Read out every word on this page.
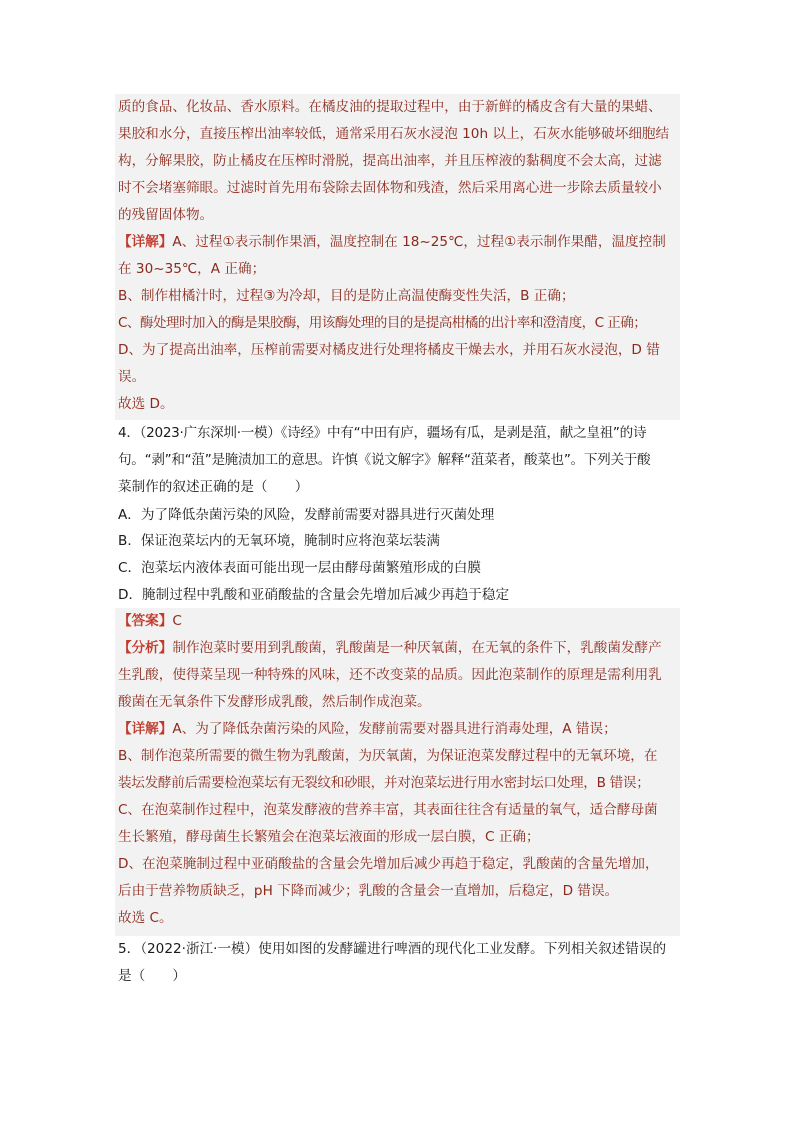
质的食品、化妆品、香水原料。在橘皮油的提取过程中，由于新鲜的橘皮含有大量的果蜡、
果胶和水分，直接压榨出油率较低，通常采用石灰水浸泡 10h 以上，石灰水能够破坏细胞结
构，分解果胶，防止橘皮在压榨时滑脱，提高出油率，并且压榨液的黏稠度不会太高，过滤
时不会堵塞筛眼。过滤时首先用布袋除去固体物和残渣，然后采用离心进一步除去质量较小
的残留固体物。
【详解】A、过程①表示制作果酒，温度控制在 18~25℃，过程①表示制作果醋，温度控制
在 30~35℃，A 正确；
B、制作柑橘汁时，过程③为冷却，目的是防止高温使酶变性失活，B 正确；
C、酶处理时加入的酶是果胶酶，用该酶处理的目的是提高柑橘的出汁率和澄清度，C 正确；
D、为了提高出油率，压榨前需要对橘皮进行处理将橘皮干燥去水，并用石灰水浸泡，D 错
误。
故选 D。
4．（2023·广东深圳·一模）《诗经》中有“中田有庐，疆场有瓜，是剥是菹，献之皇祖”的诗
句。“剥”和“菹”是腌渍加工的意思。许慎《说文解字》解释“菹菜者，酸菜也”。下列关于酸
菜制作的叙述正确的是（　　）
A．为了降低杂菌污染的风险，发酵前需要对器具进行灭菌处理
B．保证泡菜坛内的无氧环境，腌制时应将泡菜坛装满
C．泡菜坛内液体表面可能出现一层由酵母菌繁殖形成的白膜
D．腌制过程中乳酸和亚硝酸盐的含量会先增加后减少再趋于稳定
【答案】C
【分析】制作泡菜时要用到乳酸菌，乳酸菌是一种厌氧菌，在无氧的条件下，乳酸菌发酵产
生乳酸，使得菜呈现一种特殊的风味，还不改变菜的品质。因此泡菜制作的原理是需利用乳
酸菌在无氧条件下发酵形成乳酸，然后制作成泡菜。
【详解】A、为了降低杂菌污染的风险，发酵前需要对器具进行消毒处理，A 错误；
B、制作泡菜所需要的微生物为乳酸菌，为厌氧菌，为保证泡菜发酵过程中的无氧环境，在
装坛发酵前后需要检泡菜坛有无裂纹和砂眼，并对泡菜坛进行用水密封坛口处理，B 错误；
C、在泡菜制作过程中，泡菜发酵液的营养丰富，其表面往往含有适量的氧气，适合酵母菌
生长繁殖，酵母菌生长繁殖会在泡菜坛液面的形成一层白膜，C 正确；
D、在泡菜腌制过程中亚硝酸盐的含量会先增加后减少再趋于稳定，乳酸菌的含量先增加，
后由于营养物质缺乏，pH 下降而减少；乳酸的含量会一直增加，后稳定，D 错误。
故选 C。
5．（2022·浙江·一模）使用如图的发酵罐进行啤酒的现代化工业发酵。下列相关叙述错误的
是（　　）
